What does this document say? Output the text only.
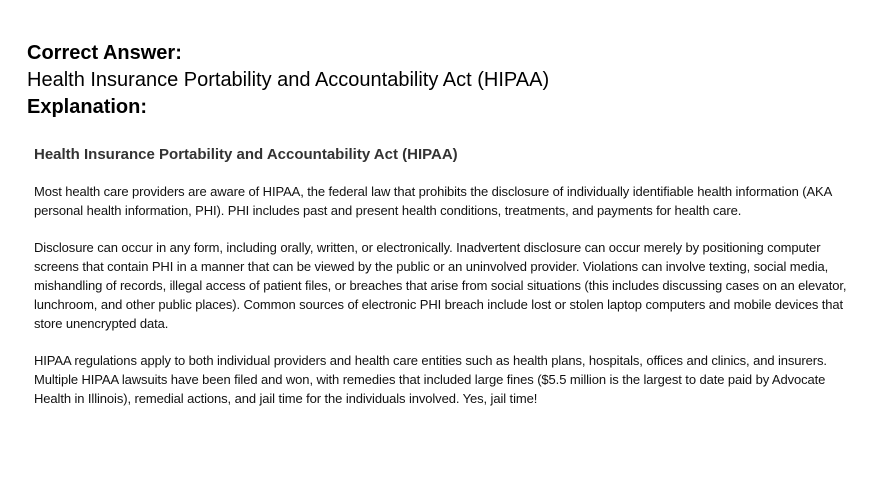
Correct Answer:

Health Insurance Portability and Accountability Act (HIPAA)

Explanation:

Health Insurance Portability and Accountability Act (HIPAA)

Most health care providers are aware of HIPAA, the federal law that prohibits the disclosure of individually identifiable health information (AKA personal health information, PHI). PHI includes past and present health conditions, treatments, and payments for health care.

Disclosure can occur in any form, including orally, written, or electronically. Inadvertent disclosure can occur merely by positioning computer screens that contain PHI in a manner that can be viewed by the public or an uninvolved provider. Violations can involve texting, social media, mishandling of records, illegal access of patient files, or breaches that arise from social situations (this includes discussing cases on an elevator, lunchroom, and other public places). Common sources of electronic PHI breach include lost or stolen laptop computers and mobile devices that store unencrypted data.

HIPAA regulations apply to both individual providers and health care entities such as health plans, hospitals, offices and clinics, and insurers. Multiple HIPAA lawsuits have been filed and won, with remedies that included large fines ($5.5 million is the largest to date paid by Advocate Health in Illinois), remedial actions, and jail time for the individuals involved. Yes, jail time!
